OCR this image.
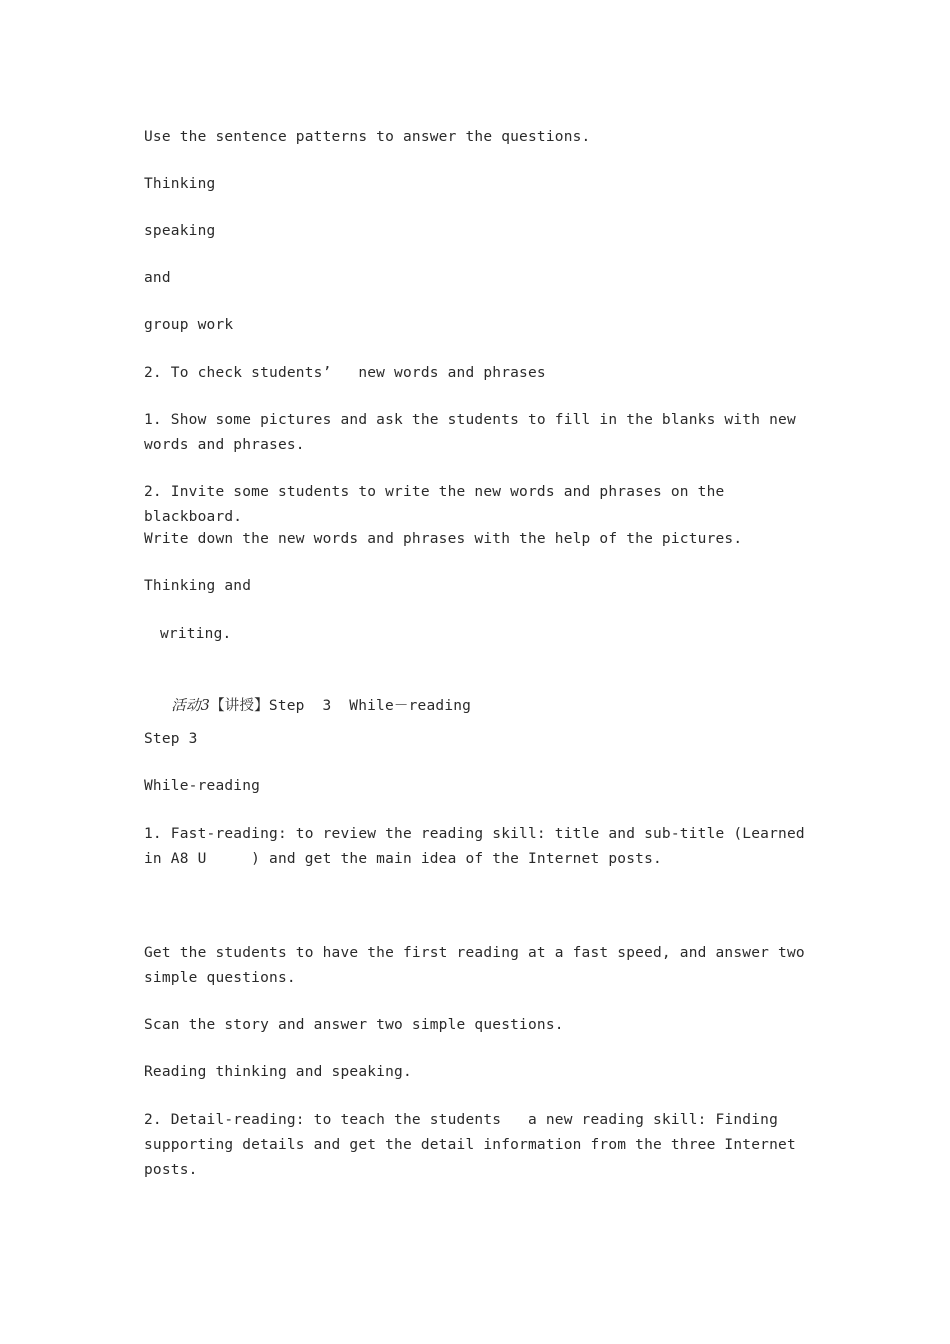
Use the sentence patterns to answer the questions.
Thinking
speaking
and
group work
2. To check students’   new words and phrases
1. Show some pictures and ask the students to fill in the blanks with new words and phrases.
2. Invite some students to write the new words and phrases on the blackboard.
Write down the new words and phrases with the help of the pictures.
Thinking and
writing.

活动3【讲授】Step  3  While－reading

Step 3
While-reading
1. Fast-reading: to review the reading skill: title and sub-title (Learned in A8 U     ) and get the main idea of the Internet posts.
Get the students to have the first reading at a fast speed, and answer two simple questions.
Scan the story and answer two simple questions.
Reading thinking and speaking.
2. Detail-reading: to teach the students   a new reading skill: Finding supporting details and get the detail information from the three Internet posts.
